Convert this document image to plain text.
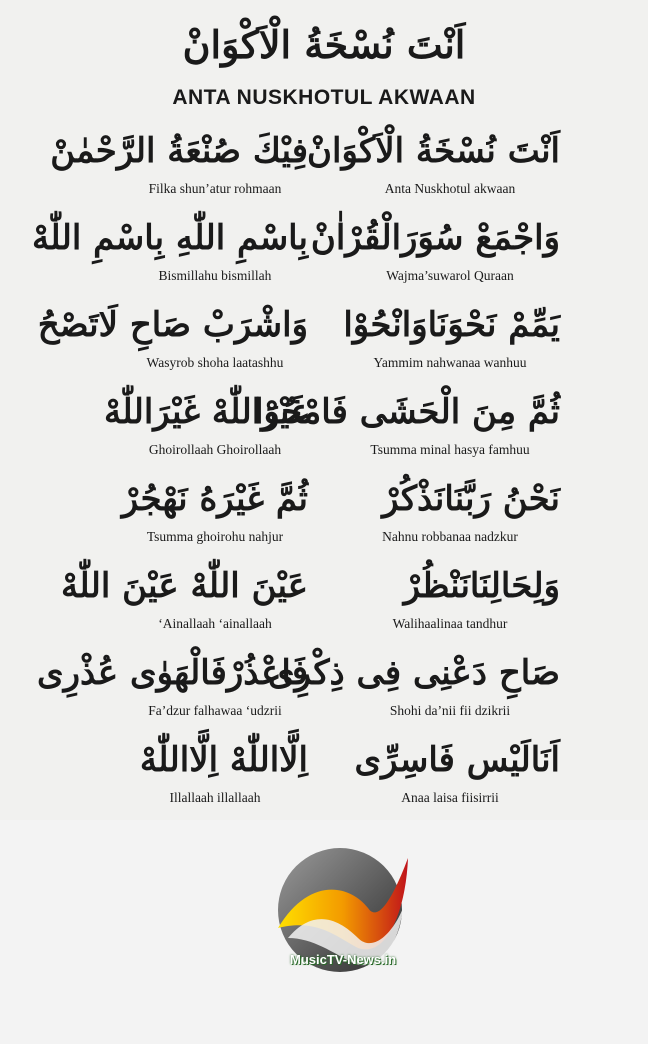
اَنْتَ نُسْخَةُ الْاَكْوَانْ
ANTA NUSKHOTUL AKWAAN
فِيْكَ صُنْعَةُ الرَّحْمٰنْ
Filka shun’atur rohmaan
اَنْتَ نُسْخَةُ الْاَكْوَانْ
Anta Nuskhotul akwaan
بِاسْمِ اللّٰهِ بِاسْمِ اللّٰهْ
Bismillahu bismillah
وَاجْمَعْ سُوَرَالْقُرْاٰنْ
Wajma’suwarol Quraan
وَاشْرَبْ صَاحِ لَاتَصْحُ
Wasyrob shoha laatashhu
يَمِّمْ نَحْوَنَاوَانْحُوْا
Yammim nahwanaa wanhuu
غَيْرَاللّٰهْ غَيْرَاللّٰهْ
Ghoirollaah Ghoirollaah
ثُمَّ مِنَ الْحَشَى فَامْحُوْا
Tsumma minal hasya famhuu
ثُمَّ غَيْرَهُ نَهْجُرْ
Tsumma ghoirohu nahjur
نَحْنُ رَبَّنَانَذْكُرْ
Nahnu robbanaa nadzkur
عَيْنَ اللّٰهْ عَيْنَ اللّٰهْ
‘Ainallaah ‘ainallaah
وَلِحَالِنَانَنْظُرْ
Walihaalinaa tandhur
فَاعْذُرْفَالْهَوٰى عُذْرِى
Fa’dzur falhawaa ‘udzrii
صَاحِ دَعْنِى فِى ذِكْرِى
Shohi da’nii fii dzikrii
اِلَّااللّٰهْ اِلَّااللّٰهْ
Illallaah illallaah
اَنَالَيْس فَاسِرِّى
Anaa laisa fiisirrii
MusicTV-News.in
